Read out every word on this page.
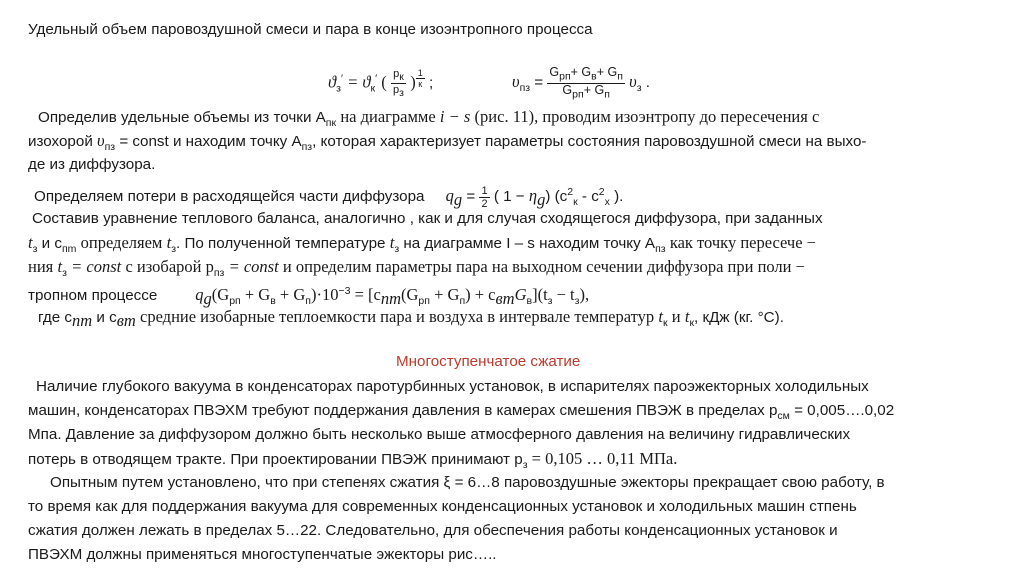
Удельный объем паровоздушной смеси и пара в конце изоэнтропного процесса
$ϑ_з' = ϑ_к'$ ( $\frac{p_к}{p_з}$ ) $^{\frac{1}{к}}$ ;	$\upsilon_{пз} = \frac{G_{рп}+ G_в+ G_п}{G_{рп}+ G_п} \upsilon_з$ .
Определив удельные объемы из точки $А_{пк}$ на диаграмме i − s (рис. 11), проводим изоэнтропу до пересечения с
изохорой $\upsilon_{пз}$ = const и находим точку $А_{пз}$, которая характеризует параметры состояния паровоздушной смеси на выхо-
де из диффузора.
Определяем потери в расходящейся части диффузора $q_g = \frac{1}{2}$ ( $1 - \eta_g$) ($c^2_к - c^2_х$ ).
Составив уравнение теплового баланса, аналогично , как и для случая сходящегося диффузора, при заданных
$t_з$ и $c_{пm}$ определяем $t_з$. По полученной температуре $t_з$ на диаграмме I – s находим точку $А_{пз}$ как точку пересече −
ния $t_з$ = const с изобарой $р_{пз}$ = const и определим параметры пара на выходном сечении диффузора при поли −
тропном процессе $q_g(G_{рп} + G_в + G_п)\cdot 10^{-3} = [c_{пm}(G_{рп} + G_п) + c_{вm}G_в](t_з - t_з)$,
где $c_{пm}$ и $c_{вm}$ средние изобарные теплоемкости пара и воздуха в интервале температур $t_к$ и $t_к$, кДж (кг. °С).
Многоступенчатое сжатие
Наличие глубокого вакуума в конденсаторах паротурбинных установок, в испарителях пароэжекторных холодильных
машин, конденсаторах ПВЭХМ требуют поддержания давления в камерах смешения ПВЭЖ в пределах $р_{см}$ = 0,005….0,02
Мпа. Давление за диффузором должно быть несколько выше атмосферного давления на величину гидравлических
потерь в отводящем тракте. При проектировании ПВЭЖ принимают $р_з = 0,105$ … 0,11 МПа.
Опытным путем установлено, что при степенях сжатия ξ = 6…8 паровоздушные эжекторы прекращает свою работу, в
то время как для поддержания вакуума для современных конденсационных установок и холодильных машин стпень
сжатия должен лежать в пределах 5…22. Следовательно, для обеспечения работы конденсационных установок и
ПВЭХМ должны применяться многоступенчатые эжекторы рис…..
